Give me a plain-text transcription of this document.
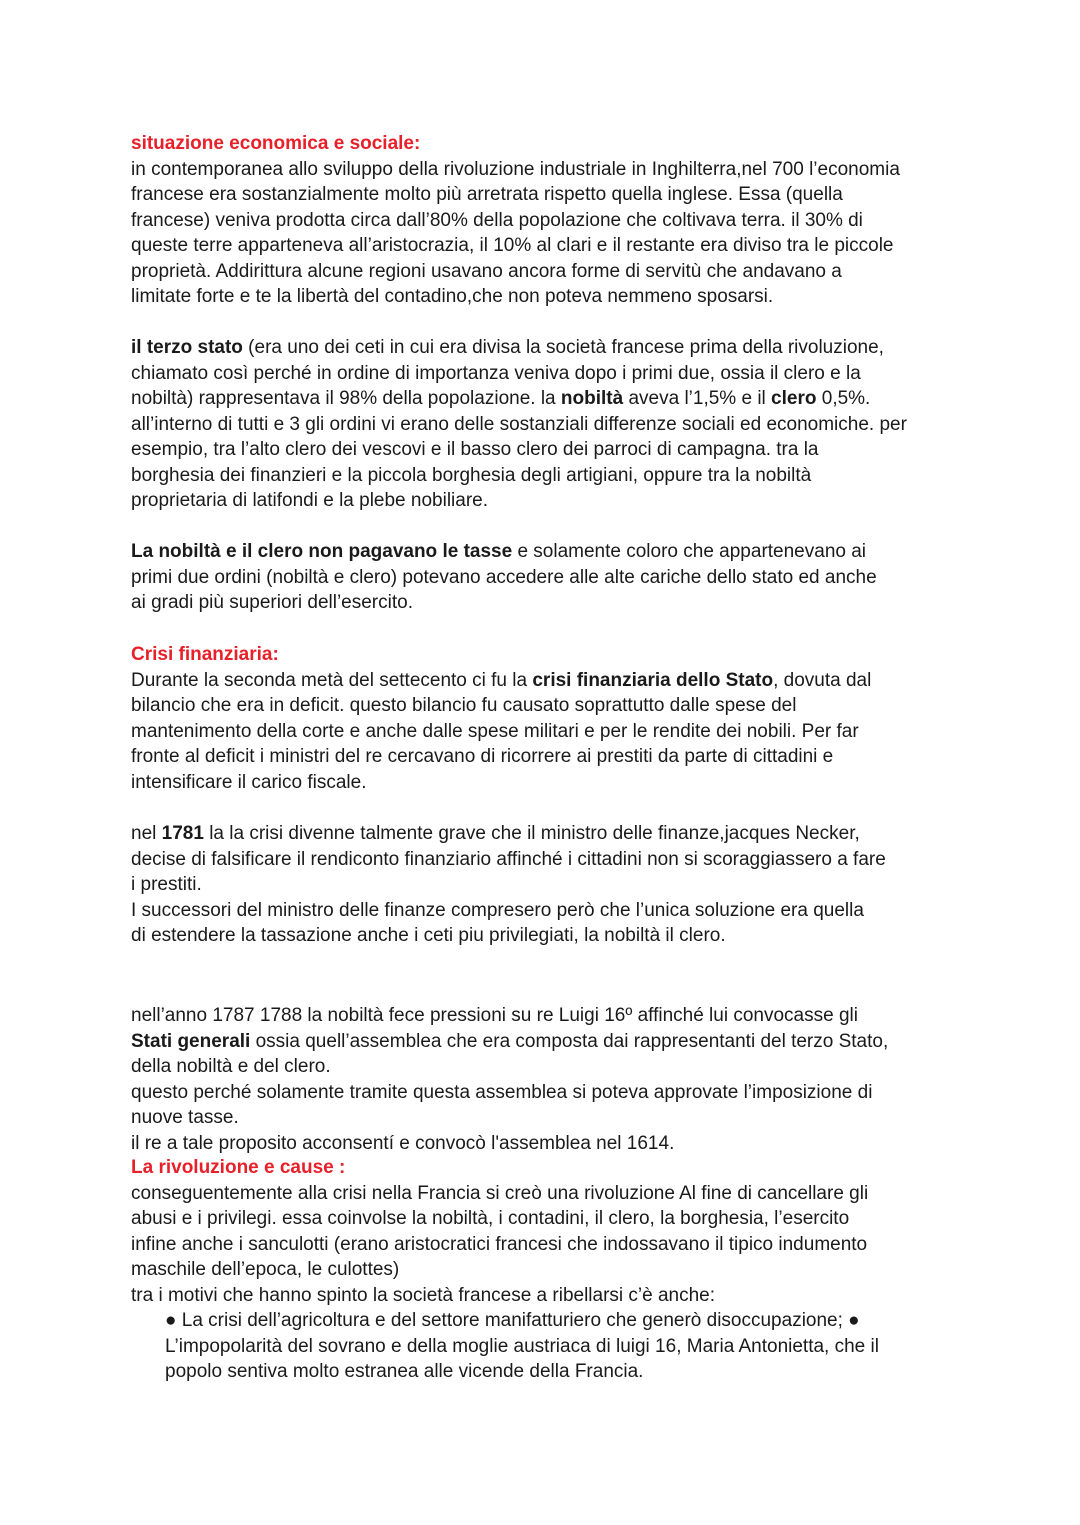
situazione economica e sociale:
in contemporanea allo sviluppo della rivoluzione industriale in Inghilterra,nel 700 l’economia
francese era sostanzialmente molto più arretrata rispetto quella inglese. Essa (quella
francese) veniva prodotta circa dall’80% della popolazione che coltivava terra. il 30% di
queste terre apparteneva all’aristocrazia, il 10% al clari e il restante era diviso tra le piccole
proprietà. Addirittura alcune regioni usavano ancora forme di servitù che andavano a
limitate forte e te la libertà del contadino,che non poteva nemmeno sposarsi.
il terzo stato (era uno dei ceti in cui era divisa la società francese prima della rivoluzione,
chiamato così perché in ordine di importanza veniva dopo i primi due, ossia il clero e la
nobiltà) rappresentava il 98% della popolazione. la nobiltà aveva l’1,5% e il clero 0,5%.
all’interno di tutti e 3 gli ordini vi erano delle sostanziali differenze sociali ed economiche. per
esempio, tra l’alto clero dei vescovi e il basso clero dei parroci di campagna. tra la
borghesia dei finanzieri e la piccola borghesia degli artigiani, oppure tra la nobiltà
proprietaria di latifondi e la plebe nobiliare.
La nobiltà e il clero non pagavano le tasse e solamente coloro che appartenevano ai
primi due ordini (nobiltà e clero) potevano accedere alle alte cariche dello stato ed anche
ai gradi più superiori dell’esercito.
Crisi finanziaria:
Durante la seconda metà del settecento ci fu la crisi finanziaria dello Stato, dovuta dal
bilancio che era in deficit. questo bilancio fu causato soprattutto dalle spese del
mantenimento della corte e anche dalle spese militari e per le rendite dei nobili. Per far
fronte al deficit i ministri del re cercavano di ricorrere ai prestiti da parte di cittadini e
intensificare il carico fiscale.
nel 1781 la la crisi divenne talmente grave che il ministro delle finanze,jacques Necker,
decise di falsificare il rendiconto finanziario affinché i cittadini non si scoraggiassero a fare
i prestiti.
I successori del ministro delle finanze compresero però che l’unica soluzione era quella
di estendere la tassazione anche i ceti piu privilegiati, la nobiltà il clero.
nell’anno 1787 1788 la nobiltà fece pressioni su re Luigi 16º affinché lui convocasse gli
Stati generali ossia quell’assemblea che era composta dai rappresentanti del terzo Stato,
della nobiltà e del clero.
questo perché solamente tramite questa assemblea si poteva approvate l’imposizione di
nuove tasse.
il re a tale proposito acconsentí e convocò l'assemblea nel 1614.
La rivoluzione e cause :
conseguentemente alla crisi nella Francia si creò una rivoluzione Al fine di cancellare gli
abusi e i privilegi. essa coinvolse la nobiltà, i contadini, il clero, la borghesia, l’esercito
infine anche i sanculotti (erano aristocratici francesi che indossavano il tipico indumento
maschile dell’epoca, le culottes)
tra i motivi che hanno spinto la società francese a ribellarsi c’è anche:
● La crisi dell’agricoltura e del settore manifatturiero che generò disoccupazione; ●
L’impopolarità del sovrano e della moglie austriaca di luigi 16, Maria Antonietta, che il
popolo sentiva molto estranea alle vicende della Francia.
